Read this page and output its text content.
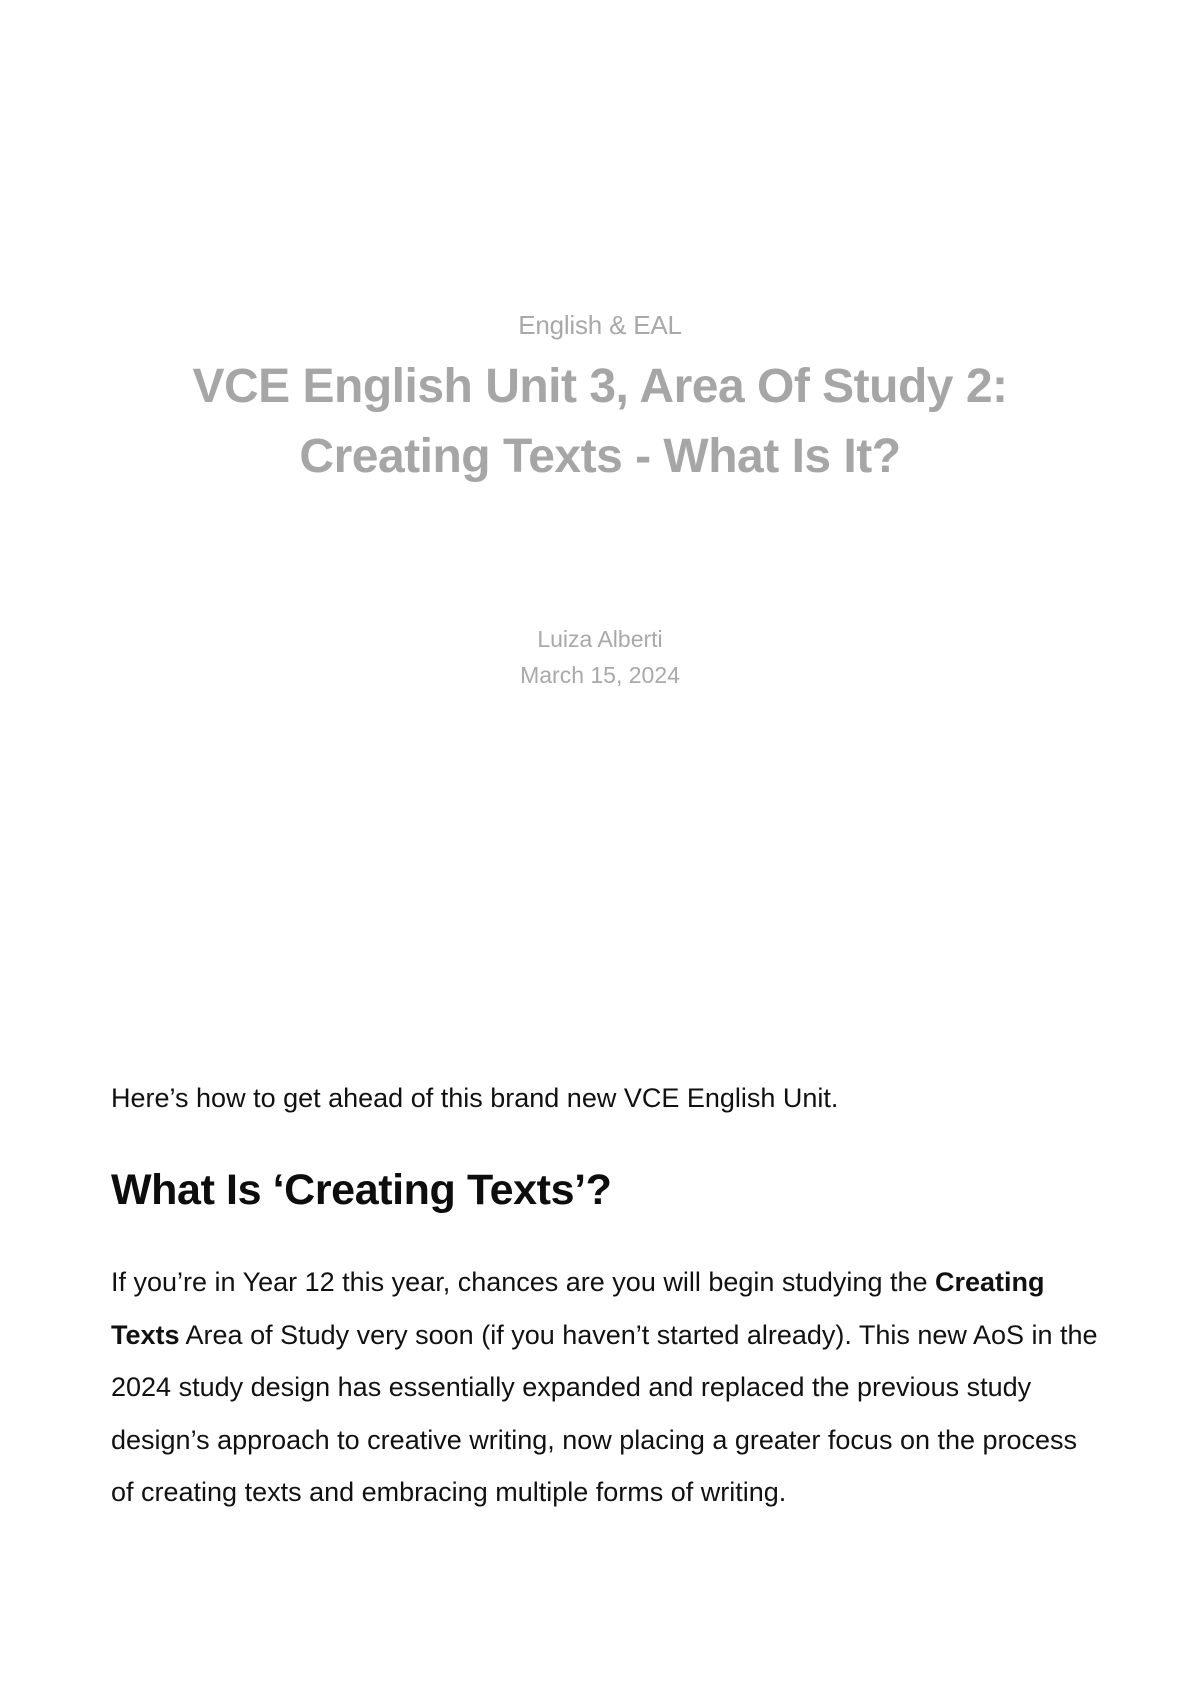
English & EAL
VCE English Unit 3, Area Of Study 2: Creating Texts - What Is It?
Luiza Alberti
March 15, 2024

Here’s how to get ahead of this brand new VCE English Unit.

What Is ‘Creating Texts’?

If you’re in Year 12 this year, chances are you will begin studying the Creating Texts Area of Study very soon (if you haven’t started already). This new AoS in the 2024 study design has essentially expanded and replaced the previous study design’s approach to creative writing, now placing a greater focus on the process of creating texts and embracing multiple forms of writing.
